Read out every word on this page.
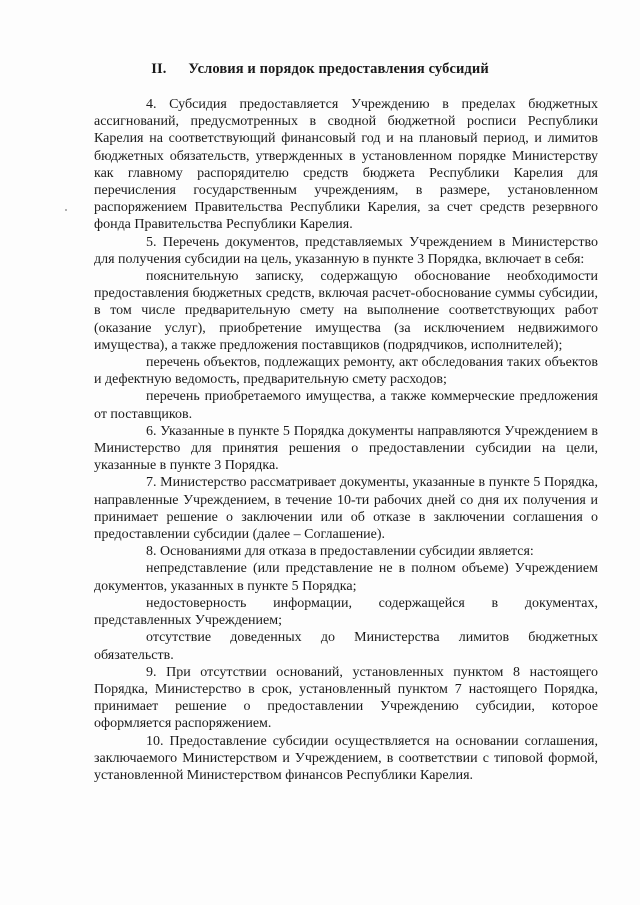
II. Условия и порядок предоставления субсидий

4. Субсидия предоставляется Учреждению в пределах бюджетных ассигнований, предусмотренных в сводной бюджетной росписи Республики Карелия на соответствующий финансовый год и на плановый период, и лимитов бюджетных обязательств, утвержденных в установленном порядке Министерству как главному распорядителю средств бюджета Республики Карелия для перечисления государственным учреждениям, в размере, установленном распоряжением Правительства Республики Карелия, за счет средств резервного фонда Правительства Республики Карелия.

5. Перечень документов, представляемых Учреждением в Министерство для получения субсидии на цель, указанную в пункте 3 Порядка, включает в себя:

пояснительную записку, содержащую обоснование необходимости предоставления бюджетных средств, включая расчет-обоснование суммы субсидии, в том числе предварительную смету на выполнение соответствующих работ (оказание услуг), приобретение имущества (за исключением недвижимого имущества), а также предложения поставщиков (подрядчиков, исполнителей);

перечень объектов, подлежащих ремонту, акт обследования таких объектов и дефектную ведомость, предварительную смету расходов;

перечень приобретаемого имущества, а также коммерческие предложения от поставщиков.

6. Указанные в пункте 5 Порядка документы направляются Учреждением в Министерство для принятия решения о предоставлении субсидии на цели, указанные в пункте 3 Порядка.

7. Министерство рассматривает документы, указанные в пункте 5 Порядка, направленные Учреждением, в течение 10-ти рабочих дней со дня их получения и принимает решение о заключении или об отказе в заключении соглашения о предоставлении субсидии (далее – Соглашение).

8. Основаниями для отказа в предоставлении субсидии является:

непредставление (или представление не в полном объеме) Учреждением документов, указанных в пункте 5 Порядка;

недостоверность информации, содержащейся в документах, представленных Учреждением;

отсутствие доведенных до Министерства лимитов бюджетных обязательств.

9. При отсутствии оснований, установленных пунктом 8 настоящего Порядка, Министерство в срок, установленный пунктом 7 настоящего Порядка, принимает решение о предоставлении Учреждению субсидии, которое оформляется распоряжением.

10. Предоставление субсидии осуществляется на основании соглашения, заключаемого Министерством и Учреждением, в соответствии с типовой формой, установленной Министерством финансов Республики Карелия.
